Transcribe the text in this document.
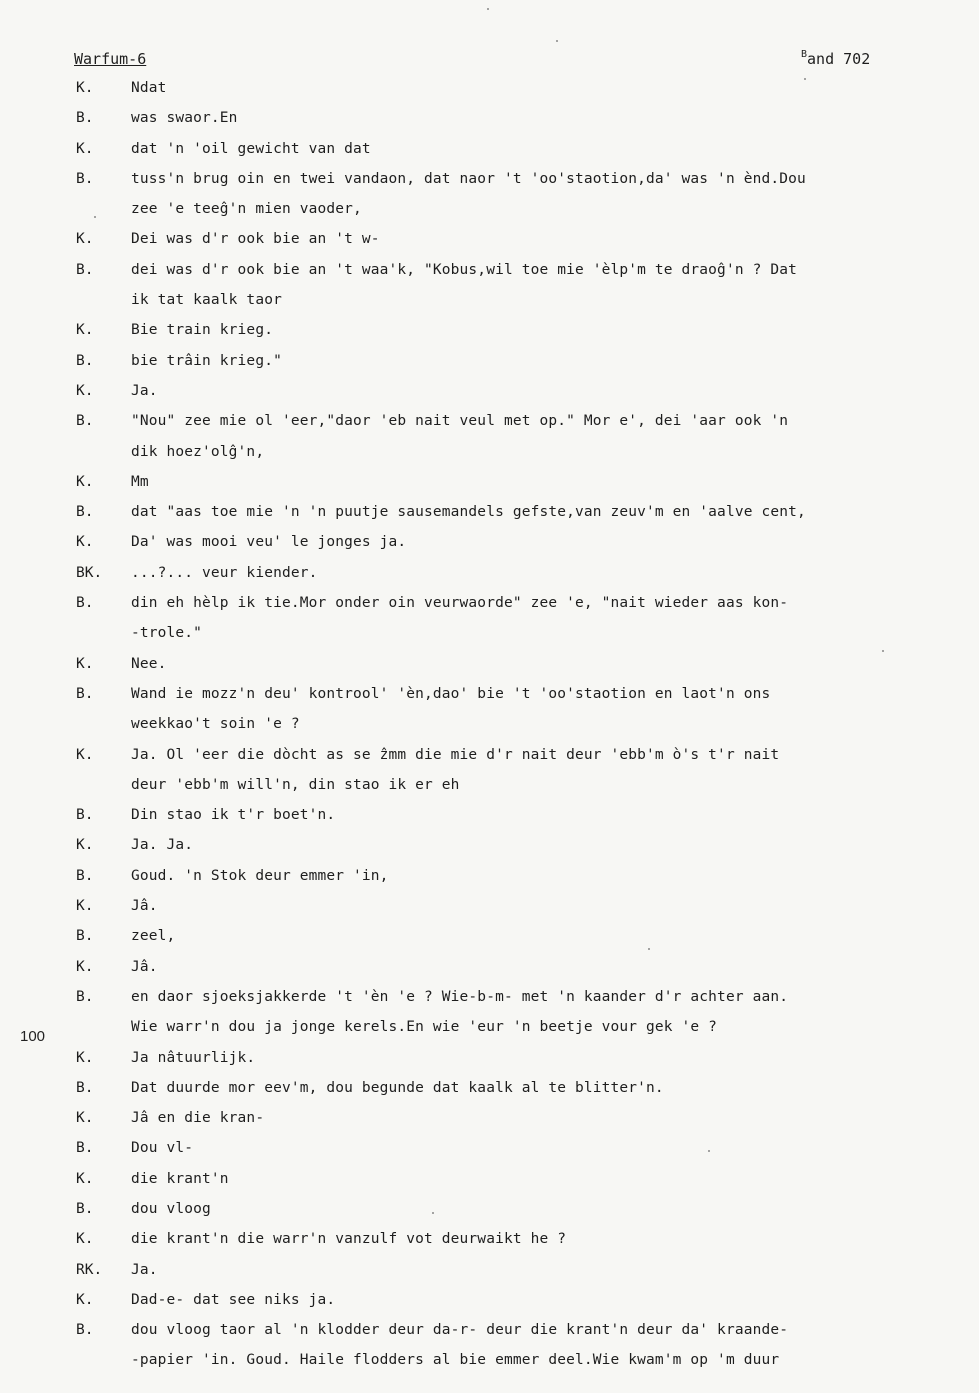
Warfum-6	$^B$and 702
100
K.	Ndat
B.	was swaor.En
K.	dat 'n 'oil gewicht van dat
B.	tuss'n brug oin en twei vandaon, dat naor 't 'oo'staotion,da' was 'n ènd.Dou
zee 'e teeĝ'n mien vaoder,
K.	Dei was d'r ook bie an 't w-
B.	dei was d'r ook bie an 't waa'k, "Kobus,wil toe mie 'èlp'm te draoĝ'n ? Dat
ik tat kaalk taor
K.	Bie train krieg.
B.	bie trâin krieg."
K.	Ja.
B.	"Nou" zee mie ol 'eer,"daor 'eb nait veul met op." Mor e', dei 'aar ook 'n
dik hoez'olĝ'n,
K.	Mm
B.	dat "aas toe mie 'n 'n puutje sausemandels gefste,van zeuv'm en 'aalve cent,
K.	Da' was mooi veu' le jonges ja.
BK.	...?... veur kiender.
B.	din eh hèlp ik tie.Mor onder oin veurwaorde" zee 'e, "nait wieder aas kon-
-trole."
K.	Nee.
B.	Wand ie mozz'n deu' kontrool' 'èn,dao' bie 't 'oo'staotion en laot'n ons
weekkao't soin 'e ?
K.	Ja. Ol 'eer die dòcht as se ẑmm die mie d'r nait deur 'ebb'm ò's t'r nait
deur 'ebb'm will'n, din stao ik er eh
B.	Din stao ik t'r boet'n.
K.	Ja. Ja.
B.	Goud. 'n Stok deur emmer 'in,
K.	Jâ.
B.	zeel,
K.	Jâ.
B.	en daor sjoeksjakkerde 't 'èn 'e ? Wie-b-m- met 'n kaander d'r achter aan.
Wie warr'n dou ja jonge kerels.En wie 'eur 'n beetje vour gek 'e ?
K.	Ja nâtuurlijk.
B.	Dat duurde mor eev'm, dou begunde dat kaalk al te blitter'n.
K.	Jâ en die kran-
B.	Dou vl-
K.	die krant'n
B.	dou vloog
K.	die krant'n die warr'n vanzulf vot deurwaikt he ?
RK.	Ja.
K.	Dad-e- dat see niks ja.
B.	dou vloog taor al 'n klodder deur da-r- deur die krant'n deur da' kraande-
-papier 'in. Goud. Haile flodders al bie emmer deel.Wie kwam'm op 'm duur
